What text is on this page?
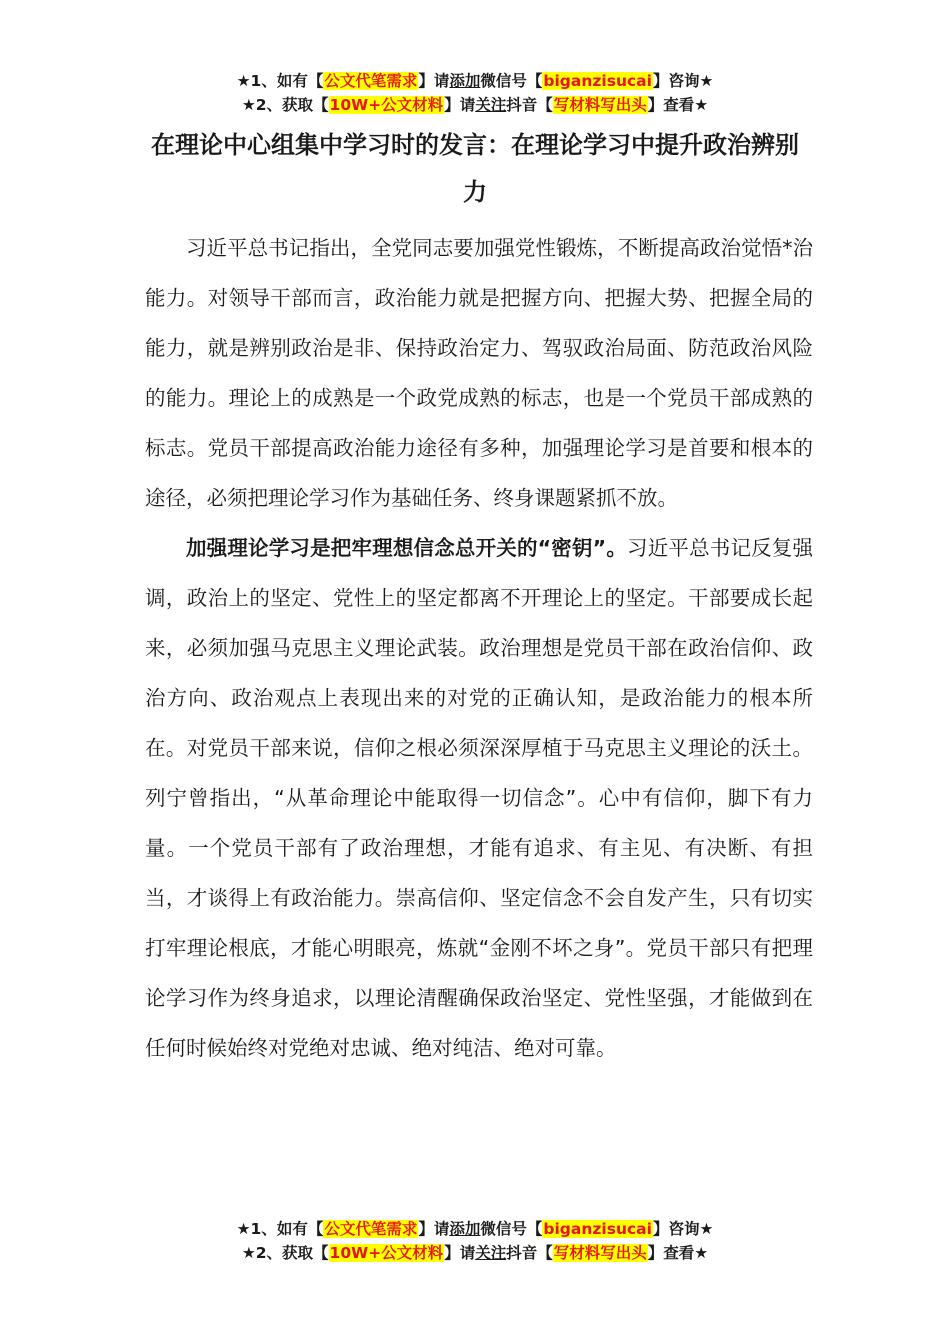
★1、如有【公文代笔需求】请添加微信号【biganzisucai】咨询★
★2、获取【10W+公文材料】请关注抖音【写材料写出头】查看★
在理论中心组集中学习时的发言：在理论学习中提升政治辨别力

习近平总书记指出，全党同志要加强党性锻炼，不断提高政治觉悟*治能力。对领导干部而言，政治能力就是把握方向、把握大势、把握全局的能力，就是辨别政治是非、保持政治定力、驾驭政治局面、防范政治风险的能力。理论上的成熟是一个政党成熟的标志，也是一个党员干部成熟的标志。党员干部提高政治能力途径有多种，加强理论学习是首要和根本的途径，必须把理论学习作为基础任务、终身课题紧抓不放。

加强理论学习是把牢理想信念总开关的“密钥”。习近平总书记反复强调，政治上的坚定、党性上的坚定都离不开理论上的坚定。干部要成长起来，必须加强马克思主义理论武装。政治理想是党员干部在政治信仰、政治方向、政治观点上表现出来的对党的正确认知，是政治能力的根本所在。对党员干部来说，信仰之根必须深深厚植于马克思主义理论的沃土。列宁曾指出，“从革命理论中能取得一切信念”。心中有信仰，脚下有力量。一个党员干部有了政治理想，才能有追求、有主见、有决断、有担当，才谈得上有政治能力。崇高信仰、坚定信念不会自发产生，只有切实打牢理论根底，才能心明眼亮，炼就“金刚不坏之身”。党员干部只有把理论学习作为终身追求，以理论清醒确保政治坚定、党性坚强，才能做到在任何时候始终对党绝对忠诚、绝对纯洁、绝对可靠。

★1、如有【公文代笔需求】请添加微信号【biganzisucai】咨询★
★2、获取【10W+公文材料】请关注抖音【写材料写出头】查看★
